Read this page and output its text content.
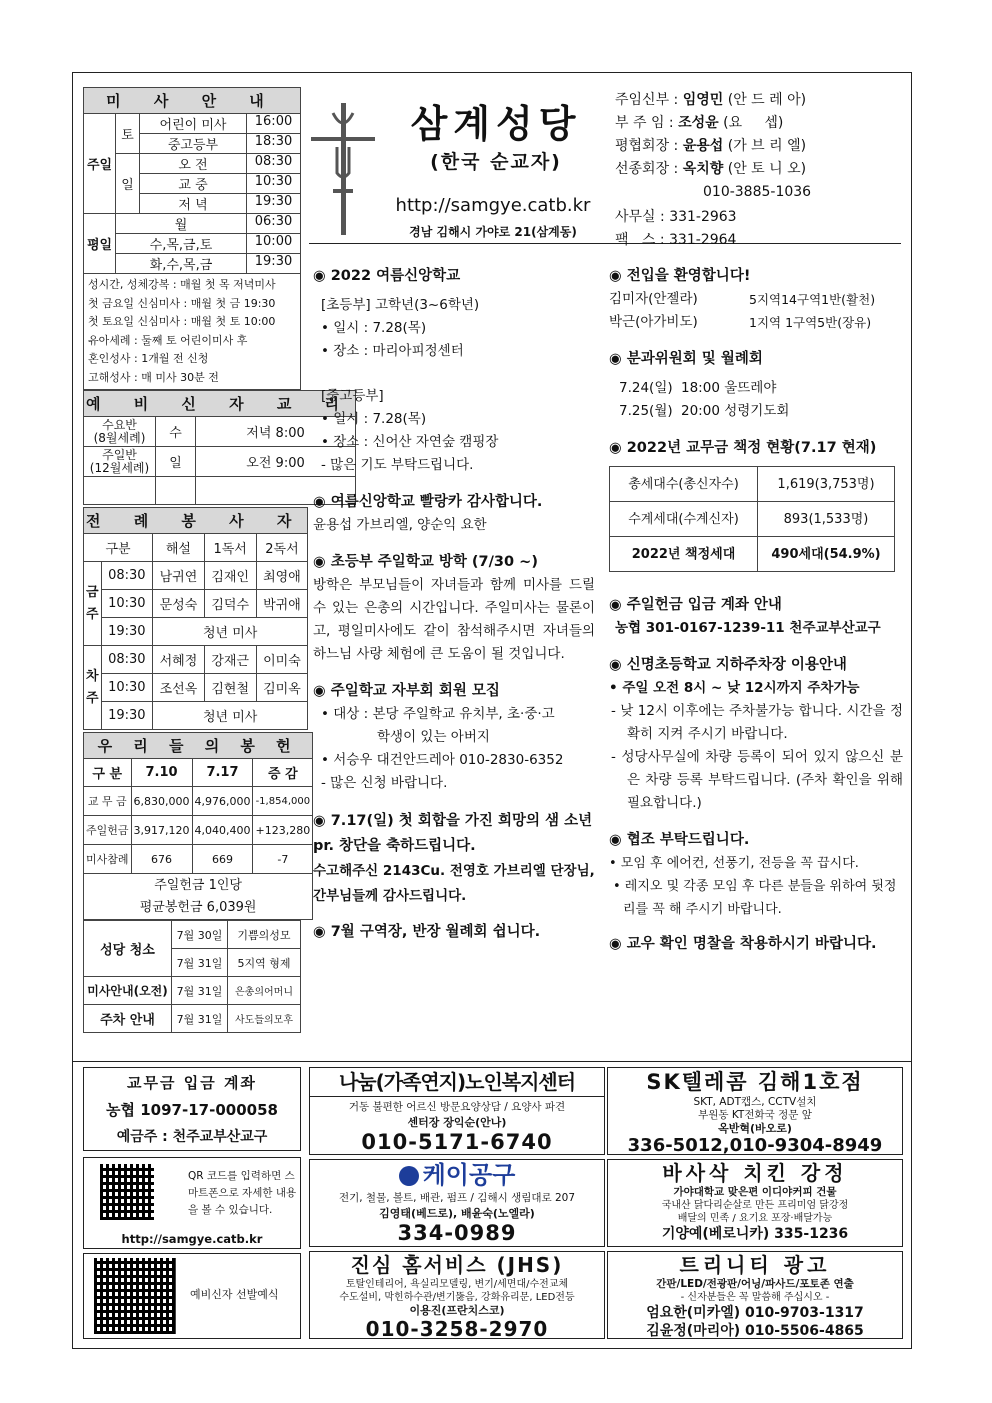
미 사 안 내		
주일	토	어린이 미사 16:00

		중고등부 18:30

	일	오 전 08:30

		교 중 10:30

		저 녁 19:30

평일	월 06:30	

	수,목,금,토 10:00	

	화,수,목,금 19:30	
성시간, 성체강복 : 매월 첫 목 저녁미사
첫 금요일 신심미사 : 매월 첫 금 19:30
첫 토요일 신심미사 : 매월 첫 토 10:00
유아세례 : 둘째 토 어린이미사 후
혼인성사 : 1개월 전 신청
고해성사 : 매 미사 30분 전
예 비 신 자 교 리		

수요반
(8월세례)	수	저녁 8:00

주일반
(12월세례)	일	오전 9:00

전 례 봉 사 자				
구분		해설	1독서	2독서
금주	08:30	남귀연	김재인	최영애
	10:30	문성숙	김덕수	박귀애
	19:30	청년 미사		
차주	08:30	서혜정	강재근	이미숙
	10:30	조선옥	김현철	김미옥
	19:30	청년 미사		
우 리 들 의 봉 헌			
구 분	7.10	7.17	증 감
교 무 금	6,830,000	4,976,000	-1,854,000
주일헌금	3,917,120	4,040,400	+123,280
미사참례	676	669	-7

주일헌금 1인당
평균봉헌금 6,039원			
성당 청소	7월 30일	기쁨의성모
	7월 31일	5지역 형제
미사안내(오전)	7월 31일	은총의어머니
주차 안내	7월 31일	사도들의모후
삼계성당
(한국 순교자)
http://samgye.catb.kr
경남 김해시 가야로 21(삼계동)
주임신부 : 임영민 (안 드 레 아)
부 주 임 : 조성윤 (요     셉)
평협회장 : 윤용섭 (가 브 리 엘)
선종회장 : 옥치향 (안 토 니 오)
010-3885-1036
사무실 : 331-2963
팩   스 : 331-2964
◉ 2022 여름신앙학교
[초등부] 고학년(3~6학년)
• 일시 : 7.28(목)
• 장소 : 마리아피정센터
[중고등부]
• 일시 : 7.28(목)
• 장소 : 신어산 자연숲 캠핑장
- 많은 기도 부탁드립니다.
◉ 여름신앙학교 빨랑카 감사합니다.
윤용섭 가브리엘, 양순익 요한
◉ 초등부 주일학교 방학 (7/30 ~)
방학은 부모님들이 자녀들과 함께 미사를 드릴 수 있는 은총의 시간입니다. 주일미사는 물론이고, 평일미사에도 같이 참석해주시면 자녀들의 하느님 사랑 체험에 큰 도움이 될 것입니다.
◉ 주일학교 자부회 회원 모집
• 대상 : 본당 주일학교 유치부, 초·중·고
학생이 있는 아버지
• 서승우 대건안드레아 010-2830-6352
- 많은 신청 바랍니다.
◉ 7.17(일) 첫 회합을 가진 희망의 샘 소년pr. 창단을 축하드립니다.
수고해주신 2143Cu. 전영호 가브리엘 단장님, 간부님들께 감사드립니다.
◉ 7월 구역장, 반장 월례회 쉽니다.
◉ 전입을 환영합니다!
김미자(안젤라)	5지역14구역1반(활천)
박근(아가비도)	1지역 1구역5반(장유)
◉ 분과위원회 및 월례회
7.24(일) 18:00 울뜨레야
7.25(월) 20:00 성령기도회
◉ 2022년 교무금 책정 현황(7.17 현재)
총세대수(총신자수)	1,619(3,753명)
수계세대(수계신자)	893(1,533명)
2022년 책정세대	490세대(54.9%)
◉ 주일헌금 입금 계좌 안내
농협 301-0167-1239-11 천주교부산교구
◉ 신명초등학교 지하주차장 이용안내
• 주일 오전 8시 ~ 낮 12시까지 주차가능
- 낮 12시 이후에는 주차불가능 합니다. 시간을 정확히 지켜 주시기 바랍니다.
- 성당사무실에 차량 등록이 되어 있지 않으신 분은 차량 등록 부탁드립니다. (주차 확인을 위해 필요합니다.)
◉ 협조 부탁드립니다.
• 모임 후 에어컨, 선풍기, 전등을 꼭 끕시다.
• 레지오 및 각종 모임 후 다른 분들을 위하여 뒷정리를 꼭 해 주시기 바랍니다.
◉ 교우 확인 명찰을 착용하시기 바랍니다.
교무금 입금 계좌
농협 1097-17-000058
예금주 : 천주교부산교구
QR 코드를 입력하면 스마트폰으로 자세한 내용을 볼 수 있습니다.
http://samgye.catb.kr
예비신자 선발예식
나눔(가족연지)노인복지센터
거동 불편한 어르신 방문요양상담 / 요양사 파견
센터장 장익순(안나)
010-5171-6740
SK텔레콤 김해1호점
SKT, ADT캡스, CCTV설치
부원동 KT전화국 정문 앞
옥반혁(바오로)
336-5012,010-9304-8949
케이공구
전기, 철물, 볼트, 배관, 펌프 / 김해시 생림대로 207
김영태(베드로), 배윤숙(노엘라)
334-0989
바사삭 치킨 강정
가야대학교 맞은편 이디야커피 건물
국내산 닭다리순살로 만든 프리미엄 닭강정
배달의 민족 / 요기요 포장·배달가능
기양예(베로니카) 335-1236
진심 홈서비스 (JHS)
토탈인테리어, 욕실리모델링, 변기/세면대/수전교체
수도설비, 막힌하수관/변기뚫음, 강화유리문, LED전등
이용진(프란치스코)
010-3258-2970
트리니티 광고
간판/LED/전광판/어닝/파사드/포토존 연출
- 신자분들은 꼭 말씀해 주십시오 -
엄요한(미카엘) 010-9703-1317
김윤정(마리아) 010-5506-4865
